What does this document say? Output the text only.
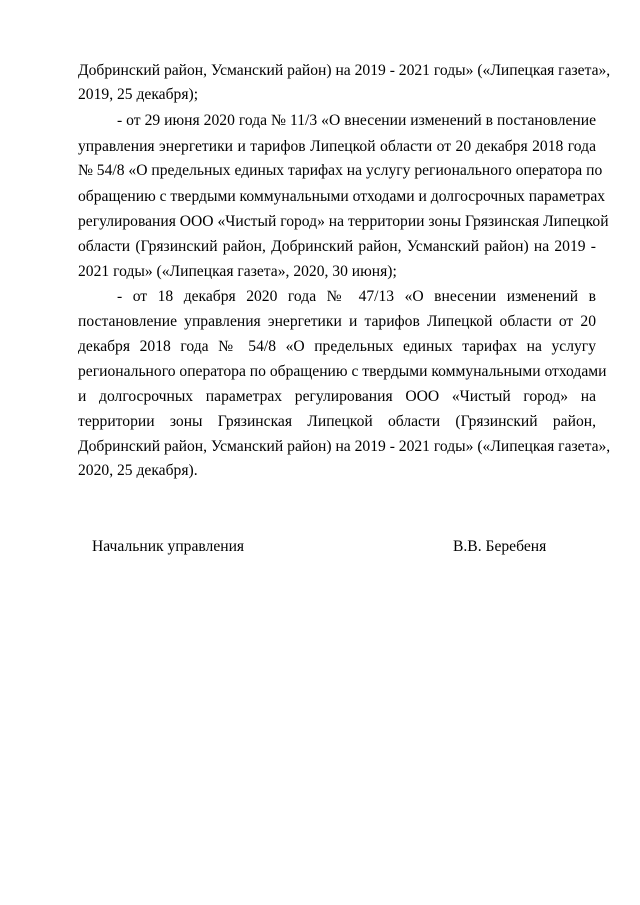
Добринский район, Усманский район) на 2019 - 2021 годы» («Липецкая газета»,
2019, 25 декабря);
- от 29 июня 2020 года № 11/3 «О внесении изменений в постановление
управления энергетики и тарифов Липецкой области от 20 декабря 2018 года
№ 54/8 «О предельных единых тарифах на услугу регионального оператора по
обращению с твердыми коммунальными отходами и долгосрочных параметрах
регулирования ООО «Чистый город» на территории зоны Грязинская Липецкой
области (Грязинский район, Добринский район, Усманский район) на 2019 -
2021 годы» («Липецкая газета», 2020, 30 июня);
- от 18 декабря 2020 года № 47/13 «О внесении изменений в
постановление управления энергетики и тарифов Липецкой области от 20
декабря 2018 года № 54/8 «О предельных единых тарифах на услугу
регионального оператора по обращению с твердыми коммунальными отходами
и долгосрочных параметрах регулирования ООО «Чистый город» на
территории зоны Грязинская Липецкой области (Грязинский район,
Добринский район, Усманский район) на 2019 - 2021 годы» («Липецкая газета»,
2020, 25 декабря).
Начальник управления	В.В. Беребеня
